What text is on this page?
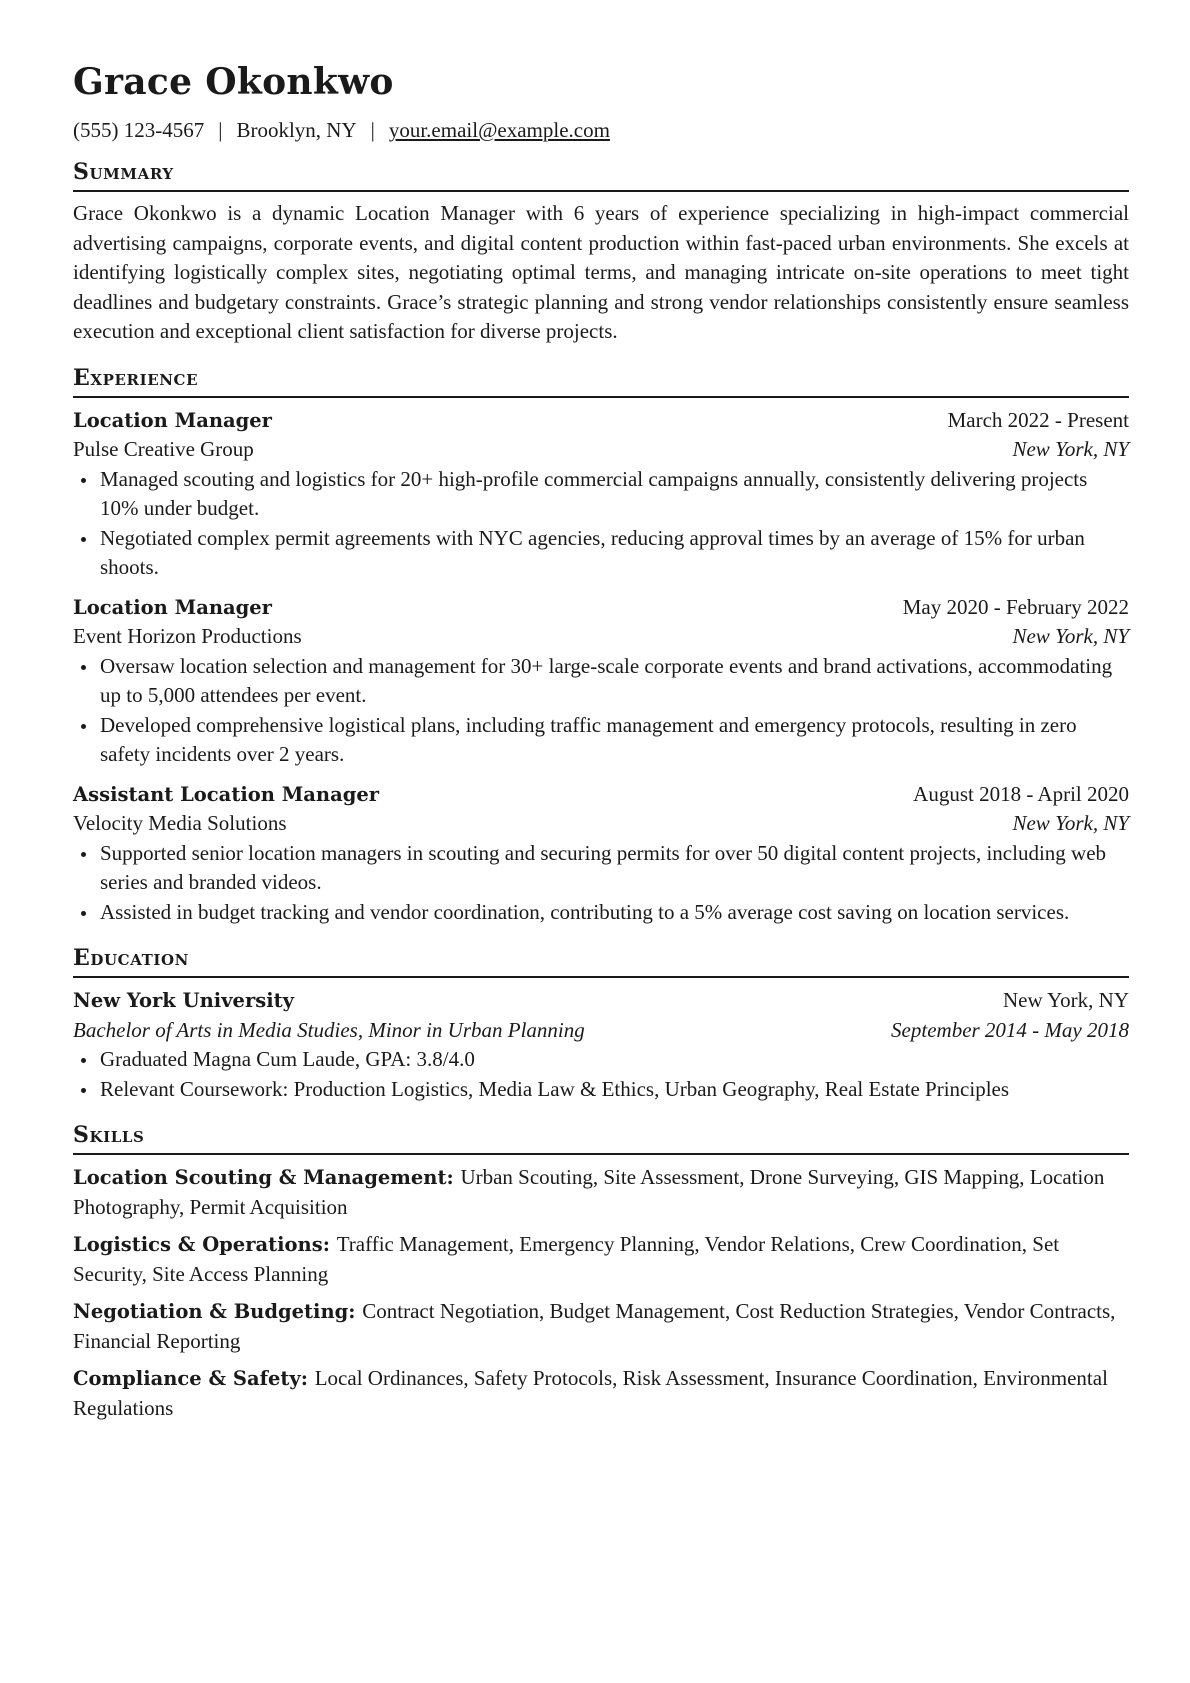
Grace Okonkwo
(555) 123-4567 | Brooklyn, NY | your.email@example.com
Summary
Grace Okonkwo is a dynamic Location Manager with 6 years of experience specializing in high-impact commercial advertising campaigns, corporate events, and digital content production within fast-paced urban environments. She excels at identifying logistically complex sites, negotiating optimal terms, and managing intricate on-site operations to meet tight deadlines and budgetary constraints. Grace’s strategic planning and strong vendor relationships consistently ensure seamless execution and exceptional client satisfaction for diverse projects.
Experience
Location Manager	March 2022 - Present
Pulse Creative Group	New York, NY
Managed scouting and logistics for 20+ high-profile commercial campaigns annually, consistently delivering projects 10% under budget.
Negotiated complex permit agreements with NYC agencies, reducing approval times by an average of 15% for urban shoots.
Location Manager	May 2020 - February 2022
Event Horizon Productions	New York, NY
Oversaw location selection and management for 30+ large-scale corporate events and brand activations, accommodating up to 5,000 attendees per event.
Developed comprehensive logistical plans, including traffic management and emergency protocols, resulting in zero safety incidents over 2 years.
Assistant Location Manager	August 2018 - April 2020
Velocity Media Solutions	New York, NY
Supported senior location managers in scouting and securing permits for over 50 digital content projects, including web series and branded videos.
Assisted in budget tracking and vendor coordination, contributing to a 5% average cost saving on location services.
Education
New York University	New York, NY
Bachelor of Arts in Media Studies, Minor in Urban Planning	September 2014 - May 2018
Graduated Magna Cum Laude, GPA: 3.8/4.0
Relevant Coursework: Production Logistics, Media Law & Ethics, Urban Geography, Real Estate Principles
Skills
Location Scouting & Management: Urban Scouting, Site Assessment, Drone Surveying, GIS Mapping, Location Photography, Permit Acquisition
Logistics & Operations: Traffic Management, Emergency Planning, Vendor Relations, Crew Coordination, Set Security, Site Access Planning
Negotiation & Budgeting: Contract Negotiation, Budget Management, Cost Reduction Strategies, Vendor Contracts, Financial Reporting
Compliance & Safety: Local Ordinances, Safety Protocols, Risk Assessment, Insurance Coordination, Environmental Regulations
